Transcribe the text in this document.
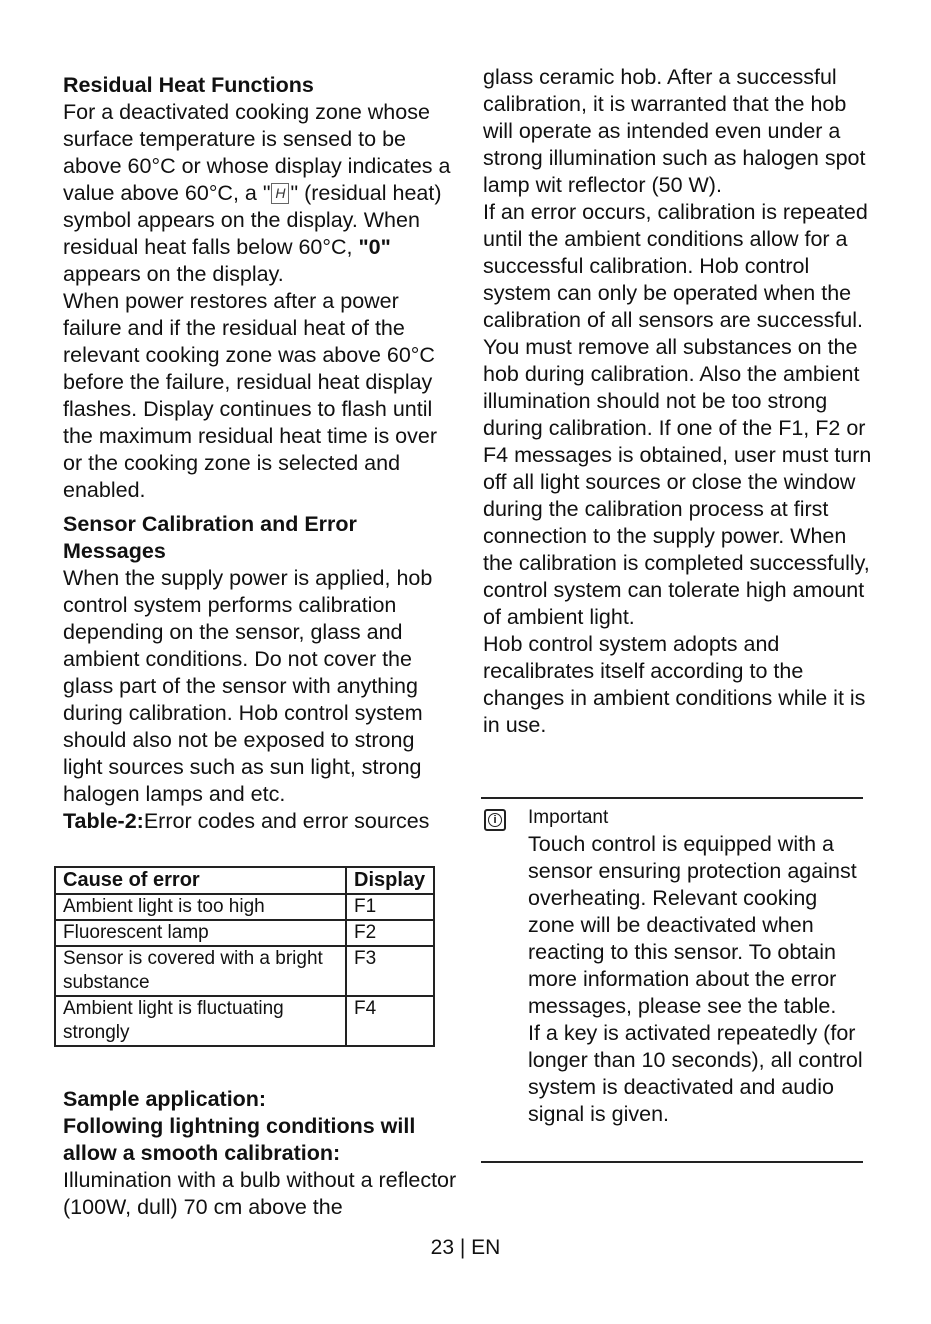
Residual Heat Functions

For a deactivated cooking zone whose surface temperature is sensed to be above 60°C or whose display indicates a value above 60°C, a " H " (residual heat) symbol appears on the display. When residual heat falls below 60°C, "0" appears on the display.

When power restores after a power failure and if the residual heat of the relevant cooking zone was above 60°C before the failure, residual heat display flashes. Display continues to flash until the maximum residual heat time is over or the cooking zone is selected and enabled.

Sensor Calibration and Error Messages

When the supply power is applied, hob control system performs calibration depending on the sensor, glass and ambient conditions. Do not cover the glass part of the sensor with anything during calibration. Hob control system should also not be exposed to strong light sources such as sun light, strong halogen lamps and etc.

Table-2:Error codes and error sources

Cause of error	Display
Ambient light is too high	F1
Fluorescent lamp	F2
Sensor is covered with a bright substance	F3
Ambient light is fluctuating strongly	F4

Sample application:

Following lightning conditions will allow a smooth calibration:

Illumination with a bulb without a reflector (100W, dull) 70 cm above the

glass ceramic hob. After a successful calibration, it is warranted that the hob will operate as intended even under a strong illumination such as halogen spot lamp wit reflector (50 W).

If an error occurs, calibration is repeated until the ambient conditions allow for a successful calibration. Hob control system can only be operated when the calibration of all sensors are successful.

You must remove all substances on the hob during calibration. Also the ambient illumination should not be too strong during calibration. If one of the F1, F2 or F4 messages is obtained, user must turn off all light sources or close the window during the calibration process at first connection to the supply power. When the calibration is completed successfully, control system can tolerate high amount of ambient light.

Hob control system adopts and recalibrates itself according to the changes in ambient conditions while it is in use.

i Important

Touch control is equipped with a sensor ensuring protection against overheating. Relevant cooking zone will be deactivated when reacting to this sensor. To obtain more information about the error messages, please see the table.

If a key is activated repeatedly (for longer than 10 seconds), all control system is deactivated and audio signal is given.

23 | EN
